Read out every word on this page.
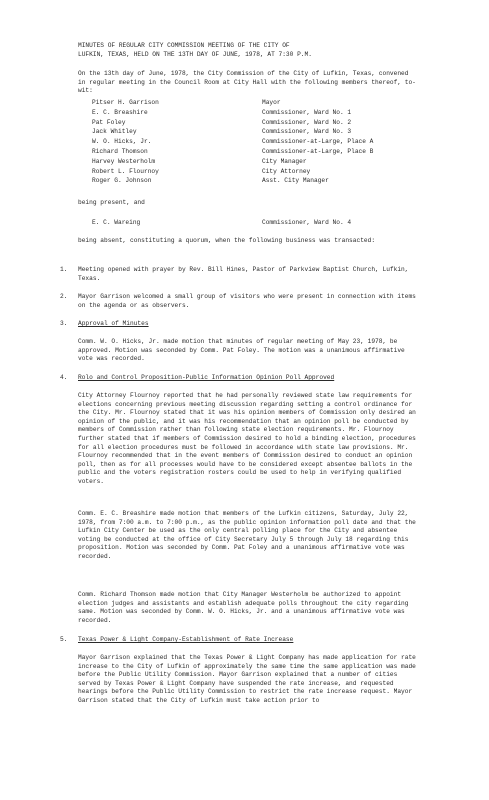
MINUTES OF REGULAR CITY COMMISSION MEETING OF THE CITY OF
LUFKIN, TEXAS, HELD ON THE 13TH DAY OF JUNE, 1978, AT 7:30 P.M.
On the 13th day of June, 1978, the City Commission of the City of Lufkin, Texas, convened in regular meeting in the Council Room at City Hall with the following members thereof, to-wit:
Pitser H. Garrison	Mayor
E. C. Breashire	Commissioner, Ward No. 1
Pat Foley	Commissioner, Ward No. 2
Jack Whitley	Commissioner, Ward No. 3
W. O. Hicks, Jr.	Commissioner-at-Large, Place A
Richard Thomson	Commissioner-at-Large, Place B
Harvey Westerholm	City Manager
Robert L. Flournoy	City Attorney
Roger G. Johnson	Asst. City Manager
being present, and
E. C. Wareing	Commissioner, Ward No. 4
being absent, constituting a quorum, when the following business was transacted:
1. Meeting opened with prayer by Rev. Bill Hines, Pastor of Parkview Baptist Church, Lufkin, Texas.
2. Mayor Garrison welcomed a small group of visitors who were present in connection with items on the agenda or as observers.
3. Approval of Minutes
Comm. W. O. Hicks, Jr. made motion that minutes of regular meeting of May 23, 1978, be approved. Motion was seconded by Comm. Pat Foley. The motion was a unanimous affirmative vote was recorded.
4. Rolo and Control Proposition-Public Information Opinion Poll Approved
City Attorney Flournoy reported that he had personally reviewed state law requirements for elections concerning previous meeting discussion regarding setting a control ordinance for the City. Mr. Flournoy stated that it was his opinion members of Commission only desired an opinion of the public, and it was his recommendation that an opinion poll be conducted by members of Commission rather than following state election requirements. Mr. Flournoy further stated that if members of Commission desired to hold a binding election, procedures for all election procedures must be followed in accordance with state law provisions. Mr. Flournoy recommended that in the event members of Commission desired to conduct an opinion poll, then as for all processes would have to be considered except absentee ballots in the public and the voters registration rosters could be used to help in verifying qualified voters.
Comm. E. C. Breashire made motion that members of the Lufkin citizens, Saturday, July 22, 1978, from 7:00 a.m. to 7:00 p.m., as the public opinion information poll date and that the Lufkin City Center be used as the only central polling place for the City and absentee voting be conducted at the office of City Secretary July 5 through July 18 regarding this proposition. Motion was seconded by Comm. Pat Foley and a unanimous affirmative vote was recorded.
Comm. Richard Thomson made motion that City Manager Westerholm be authorized to appoint election judges and assistants and establish adequate polls throughout the city regarding same. Motion was seconded by Comm. W. O. Hicks, Jr. and a unanimous affirmative vote was recorded.
5. Texas Power & Light Company-Establishment of Rate Increase
Mayor Garrison explained that the Texas Power & Light Company has made application for rate increase to the City of Lufkin of approximately the same time the same application was made before the Public Utility Commission. Mayor Garrison explained that a number of cities served by Texas Power & Light Company have suspended the rate increase, and requested hearings before the Public Utility Commission to restrict the rate increase request. Mayor Garrison stated that the City of Lufkin must take action prior to
